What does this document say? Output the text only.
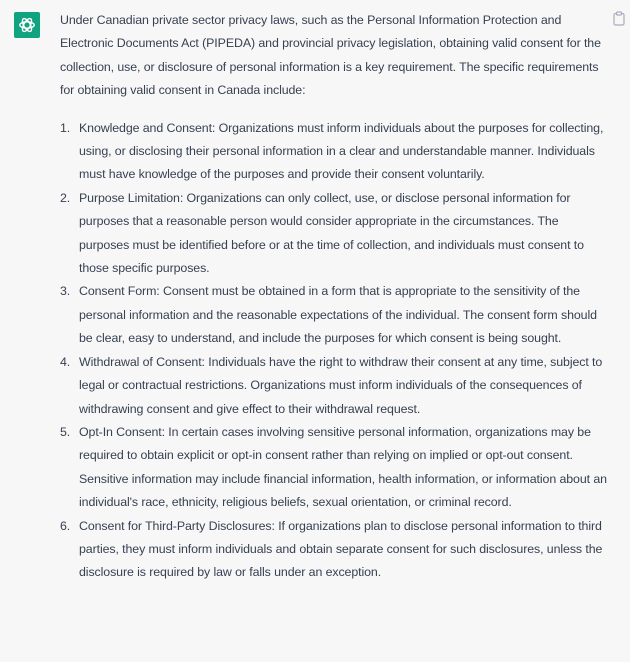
Under Canadian private sector privacy laws, such as the Personal Information Protection and Electronic Documents Act (PIPEDA) and provincial privacy legislation, obtaining valid consent for the collection, use, or disclosure of personal information is a key requirement. The specific requirements for obtaining valid consent in Canada include:

1. Knowledge and Consent: Organizations must inform individuals about the purposes for collecting, using, or disclosing their personal information in a clear and understandable manner. Individuals must have knowledge of the purposes and provide their consent voluntarily.
2. Purpose Limitation: Organizations can only collect, use, or disclose personal information for purposes that a reasonable person would consider appropriate in the circumstances. The purposes must be identified before or at the time of collection, and individuals must consent to those specific purposes.
3. Consent Form: Consent must be obtained in a form that is appropriate to the sensitivity of the personal information and the reasonable expectations of the individual. The consent form should be clear, easy to understand, and include the purposes for which consent is being sought.
4. Withdrawal of Consent: Individuals have the right to withdraw their consent at any time, subject to legal or contractual restrictions. Organizations must inform individuals of the consequences of withdrawing consent and give effect to their withdrawal request.
5. Opt-In Consent: In certain cases involving sensitive personal information, organizations may be required to obtain explicit or opt-in consent rather than relying on implied or opt-out consent. Sensitive information may include financial information, health information, or information about an individual's race, ethnicity, religious beliefs, sexual orientation, or criminal record.
6. Consent for Third-Party Disclosures: If organizations plan to disclose personal information to third parties, they must inform individuals and obtain separate consent for such disclosures, unless the disclosure is required by law or falls under an exception.
